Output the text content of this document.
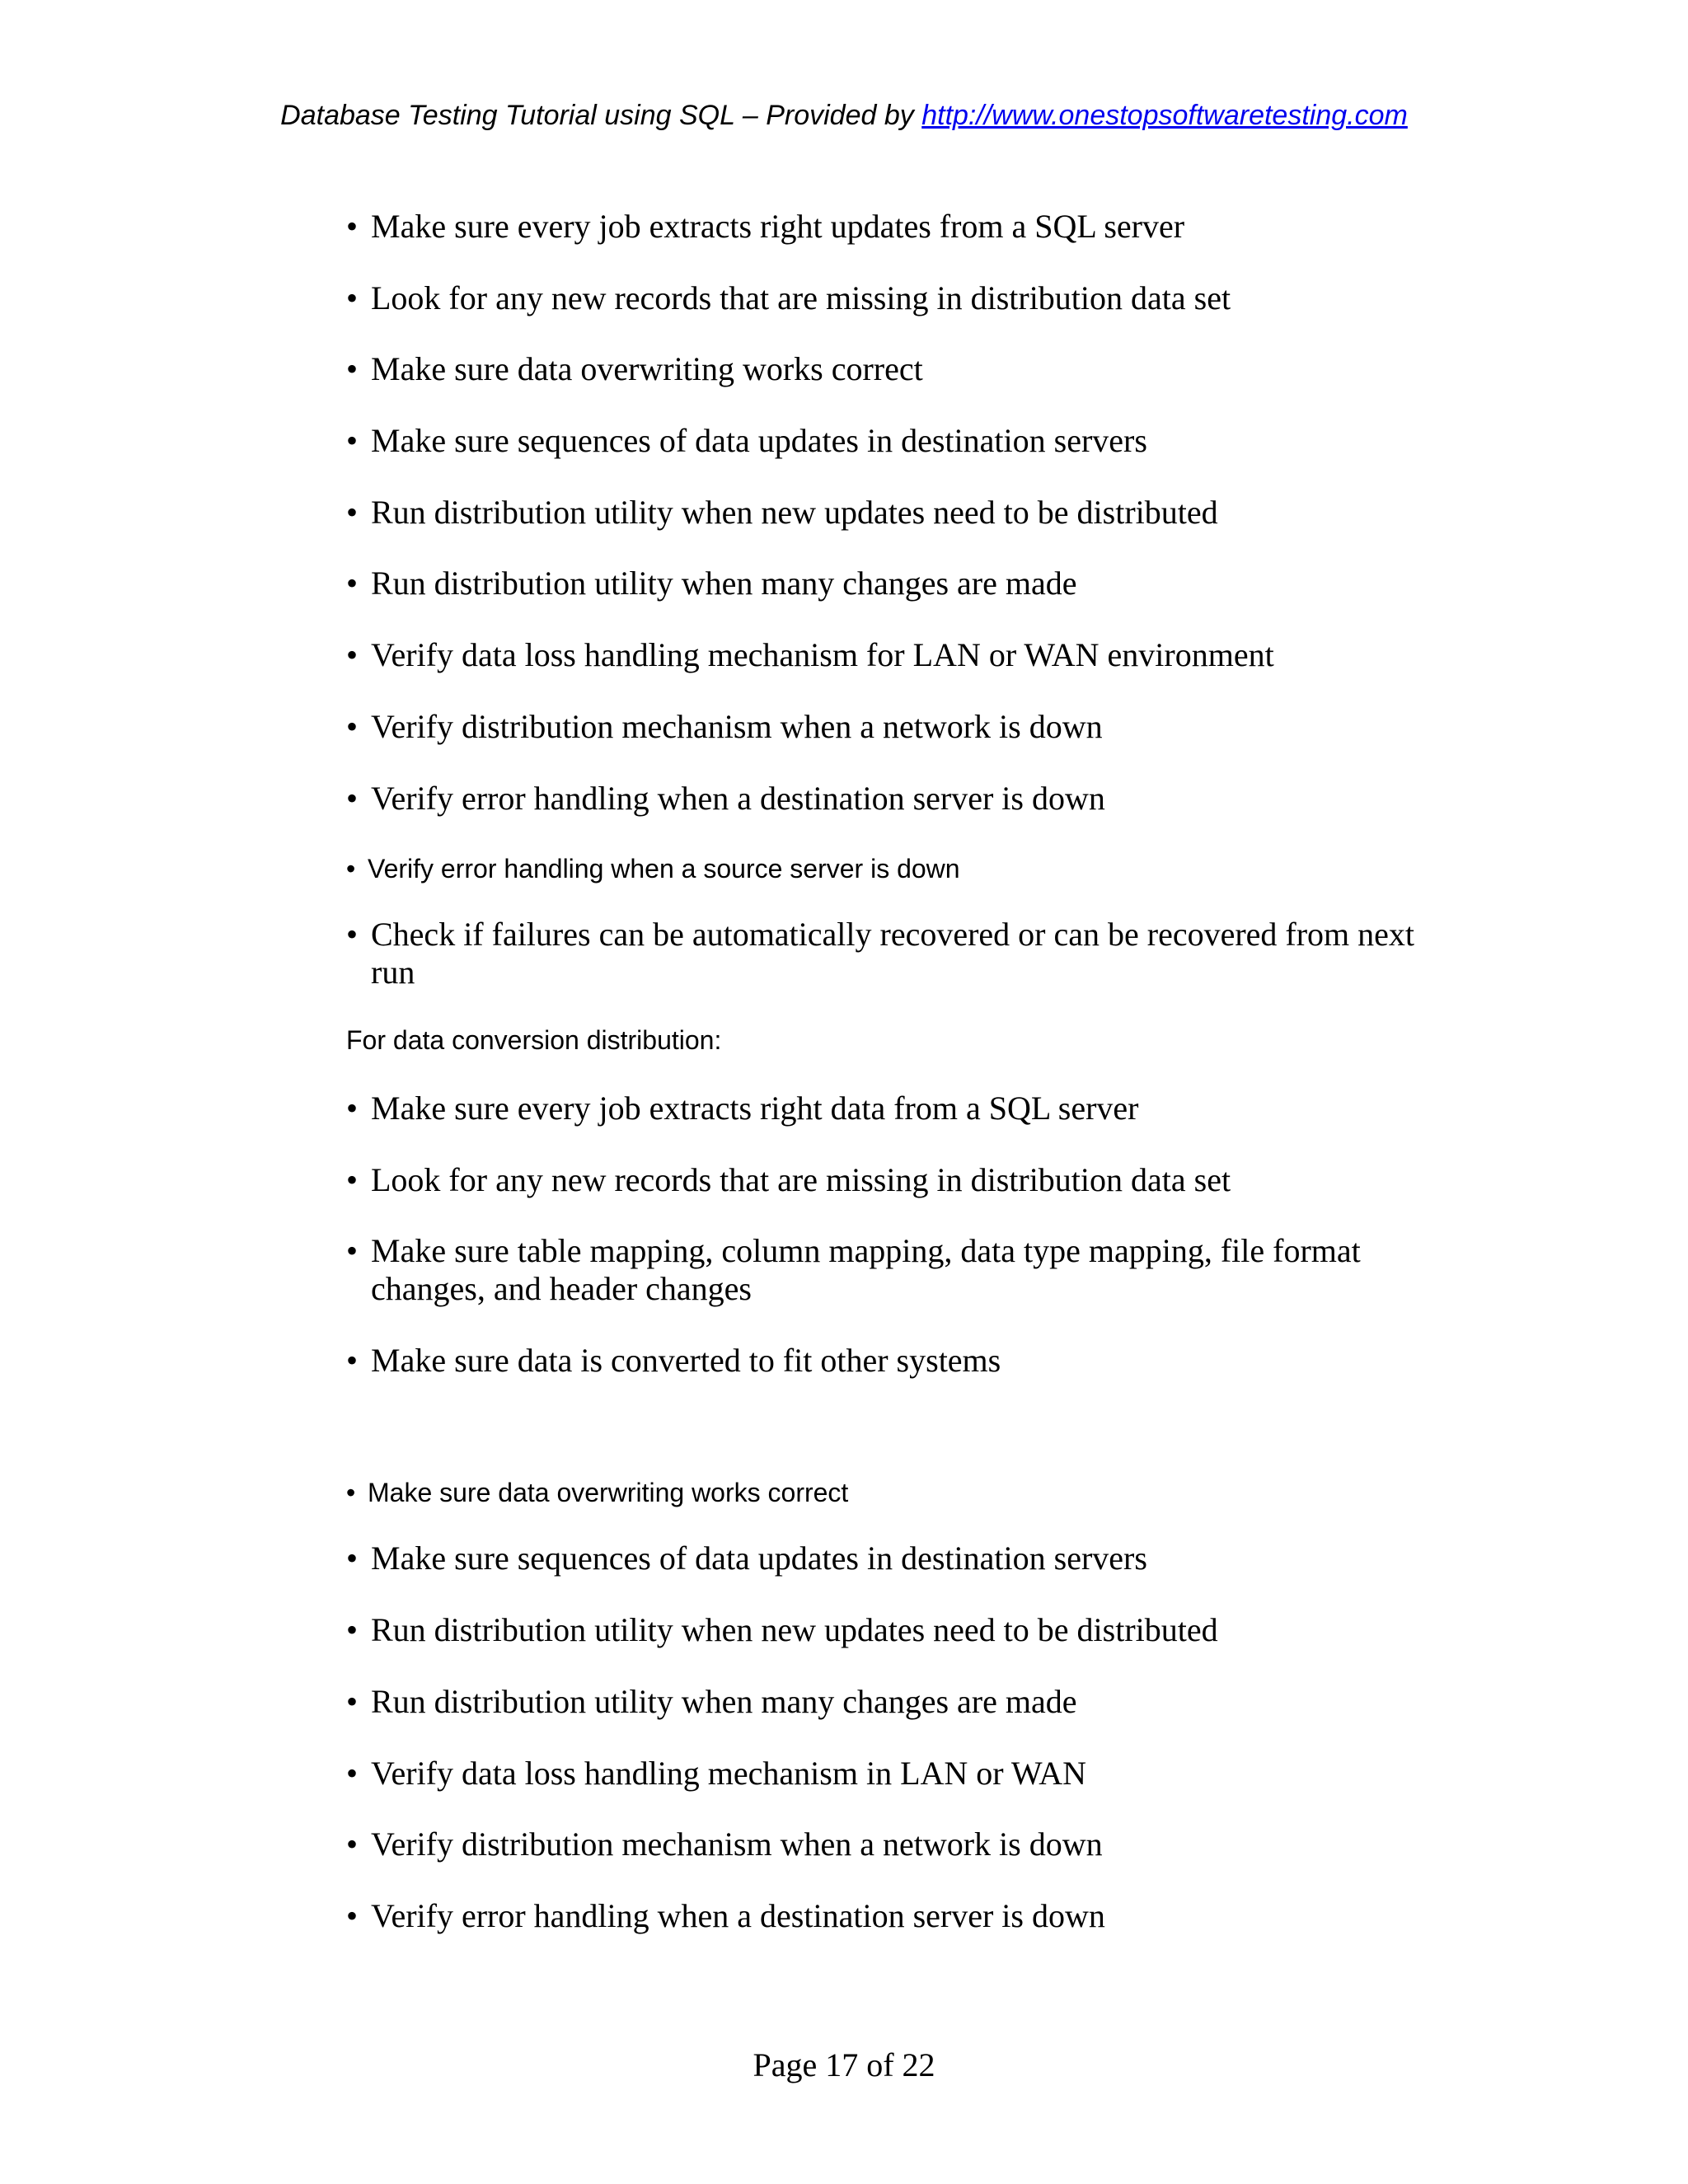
Database Testing Tutorial using SQL – Provided by http://www.onestopsoftwaretesting.com
• Make sure every job extracts right updates from a SQL server
• Look for any new records that are missing in distribution data set
• Make sure data overwriting works correct
• Make sure sequences of data updates in destination servers
• Run distribution utility when new updates need to be distributed
• Run distribution utility when many changes are made
• Verify data loss handling mechanism for LAN or WAN environment
• Verify distribution mechanism when a network is down
• Verify error handling when a destination server is down
• Verify error handling when a source server is down
• Check if failures can be automatically recovered or can be recovered from next run
For data conversion distribution:
• Make sure every job extracts right data from a SQL server
• Look for any new records that are missing in distribution data set
• Make sure table mapping, column mapping, data type mapping, file format changes, and header changes
• Make sure data is converted to fit other systems
• Make sure data overwriting works correct
• Make sure sequences of data updates in destination servers
• Run distribution utility when new updates need to be distributed
• Run distribution utility when many changes are made
• Verify data loss handling mechanism in LAN or WAN
• Verify distribution mechanism when a network is down
• Verify error handling when a destination server is down
Page 17 of 22
